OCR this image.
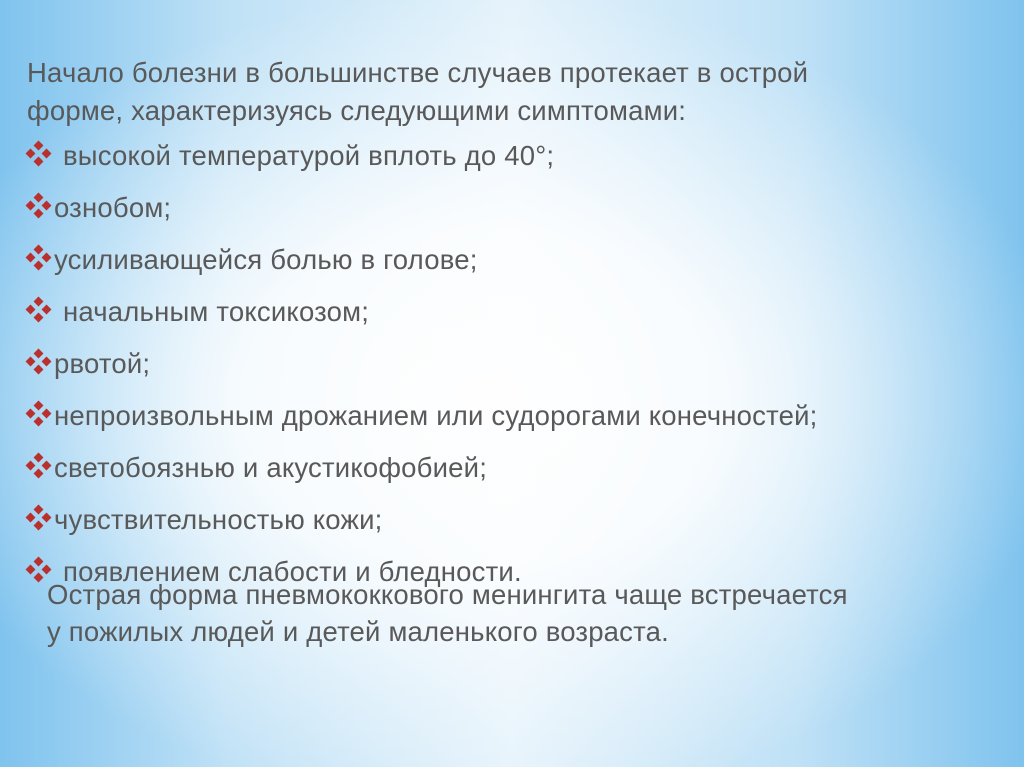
Начало болезни в большинстве случаев протекает в острой
форме, характеризуясь следующими симптомами:

высокой температурой вплоть до 40°;
ознобом;
усиливающейся болью в голове;
начальным токсикозом;
рвотой;
непроизвольным дрожанием или судорогами конечностей;
светобоязнью и акустикофобией;
чувствительностью кожи;
появлением слабости и бледности.

Острая форма пневмококкового менингита чаще встречается
у пожилых людей и детей маленького возраста.
